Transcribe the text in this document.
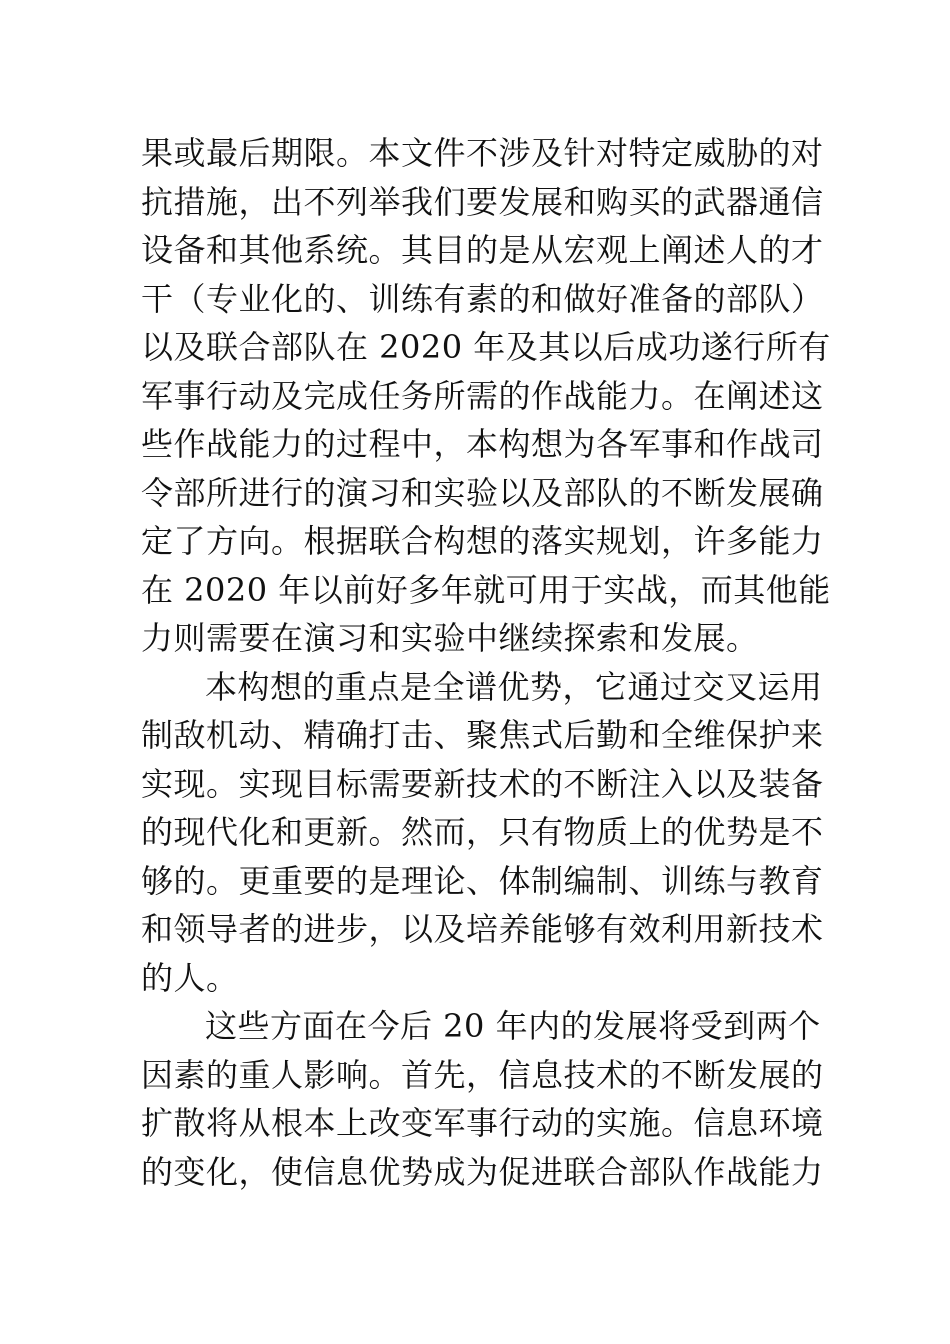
果或最后期限。本文件不涉及针对特定威胁的对
抗措施，出不列举我们要发展和购买的武器通信
设备和其他系统。其目的是从宏观上阐述人的才
干（专业化的、训练有素的和做好准备的部队）
以及联合部队在 2020 年及其以后成功遂行所有
军事行动及完成任务所需的作战能力。在阐述这
些作战能力的过程中，本构想为各军事和作战司
令部所进行的演习和实验以及部队的不断发展确
定了方向。根据联合构想的落实规划，许多能力
在 2020 年以前好多年就可用于实战，而其他能
力则需要在演习和实验中继续探索和发展。
本构想的重点是全谱优势，它通过交叉运用
制敌机动、精确打击、聚焦式后勤和全维保护来
实现。实现目标需要新技术的不断注入以及装备
的现代化和更新。然而，只有物质上的优势是不
够的。更重要的是理论、体制编制、训练与教育
和领导者的进步，以及培养能够有效利用新技术
的人。
这些方面在今后 20 年内的发展将受到两个
因素的重人影响。首先，信息技术的不断发展的
扩散将从根本上改变军事行动的实施。信息环境
的变化，使信息优势成为促进联合部队作战能力
